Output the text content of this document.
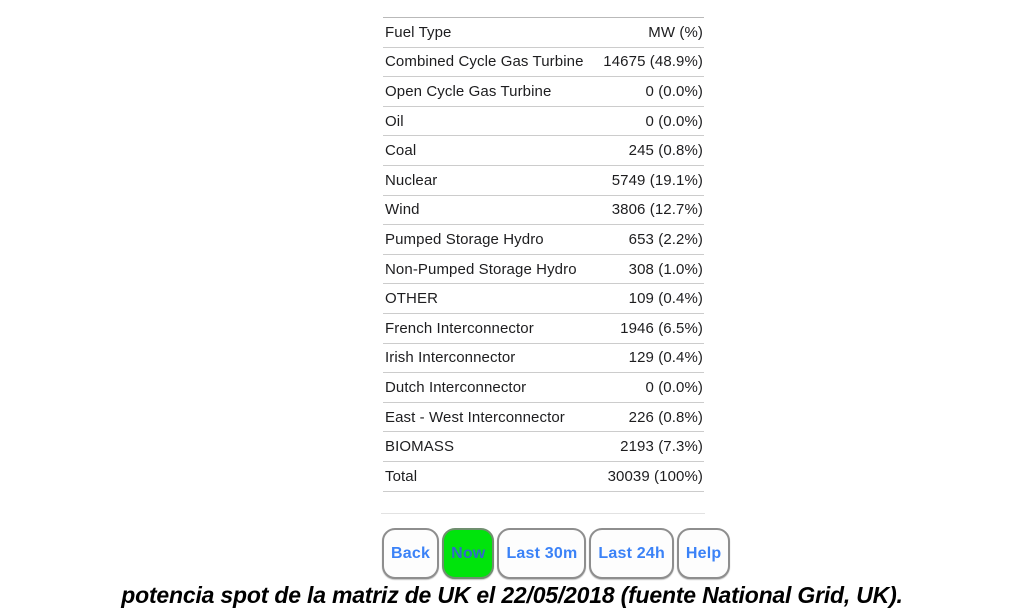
Fuel Type	MW (%)
Combined Cycle Gas Turbine 14675 (48.9%)
Open Cycle Gas Turbine	0 (0.0%)
Oil	0 (0.0%)
Coal	245 (0.8%)
Nuclear	5749 (19.1%)
Wind	3806 (12.7%)
Pumped Storage Hydro	653 (2.2%)
Non-Pumped Storage Hydro	308 (1.0%)
OTHER	109 (0.4%)
French Interconnector	1946 (6.5%)
Irish Interconnector	129 (0.4%)
Dutch Interconnector	0 (0.0%)
East - West Interconnector	226 (0.8%)
BIOMASS	2193 (7.3%)
Total	30039 (100%)
Back	Now	Last 30m	Last 24h	Help
potencia spot de la matriz de UK el 22/05/2018 (fuente National Grid, UK).
